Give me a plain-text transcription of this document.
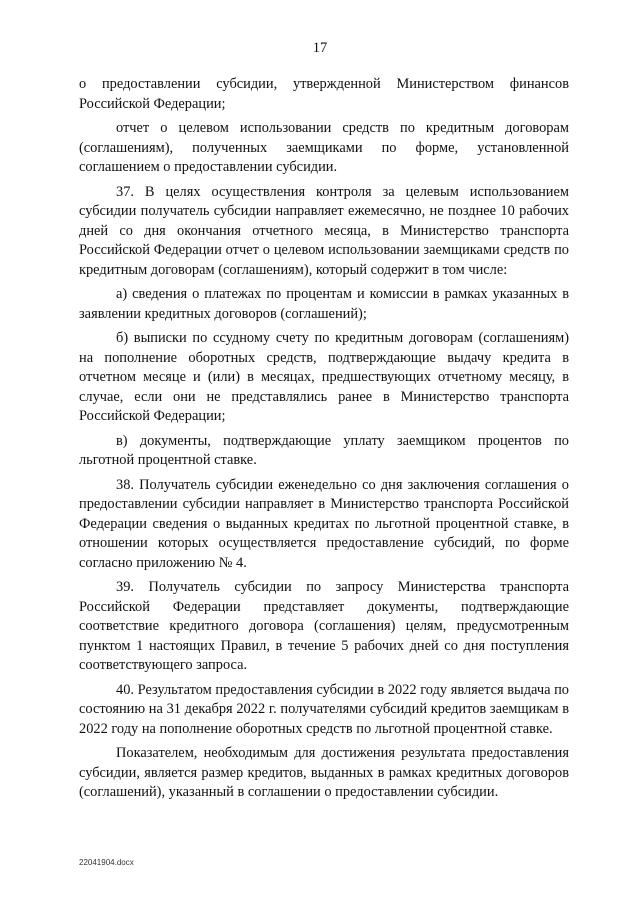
17

о предоставлении субсидии, утвержденной Министерством финансов Российской Федерации;

отчет о целевом использовании средств по кредитным договорам (соглашениям), полученных заемщиками по форме, установленной соглашением о предоставлении субсидии.

37. В целях осуществления контроля за целевым использованием субсидии получатель субсидии направляет ежемесячно, не позднее 10 рабочих дней со дня окончания отчетного месяца, в Министерство транспорта Российской Федерации отчет о целевом использовании заемщиками средств по кредитным договорам (соглашениям), который содержит в том числе:

а) сведения о платежах по процентам и комиссии в рамках указанных в заявлении кредитных договоров (соглашений);

б) выписки по ссудному счету по кредитным договорам (соглашениям) на пополнение оборотных средств, подтверждающие выдачу кредита в отчетном месяце и (или) в месяцах, предшествующих отчетному месяцу, в случае, если они не представлялись ранее в Министерство транспорта Российской Федерации;

в) документы, подтверждающие уплату заемщиком процентов по льготной процентной ставке.

38. Получатель субсидии еженедельно со дня заключения соглашения о предоставлении субсидии направляет в Министерство транспорта Российской Федерации сведения о выданных кредитах по льготной процентной ставке, в отношении которых осуществляется предоставление субсидий, по форме согласно приложению № 4.

39. Получатель субсидии по запросу Министерства транспорта Российской Федерации представляет документы, подтверждающие соответствие кредитного договора (соглашения) целям, предусмотренным пунктом 1 настоящих Правил, в течение 5 рабочих дней со дня поступления соответствующего запроса.

40. Результатом предоставления субсидии в 2022 году является выдача по состоянию на 31 декабря 2022 г. получателями субсидий кредитов заемщикам в 2022 году на пополнение оборотных средств по льготной процентной ставке.

Показателем, необходимым для достижения результата предоставления субсидии, является размер кредитов, выданных в рамках кредитных договоров (соглашений), указанный в соглашении о предоставлении субсидии.

22041904.docx
